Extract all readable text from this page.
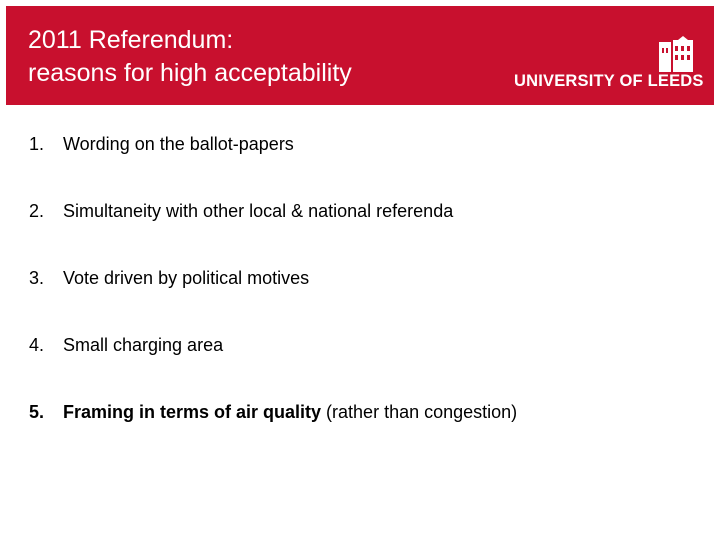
2011 Referendum:
reasons for high acceptability	UNIVERSITY OF LEEDS
1.	Wording on the ballot-papers
2.	Simultaneity with other local & national referenda
3.	Vote driven by political motives
4.	Small charging area
5.	Framing in terms of air quality (rather than congestion)
